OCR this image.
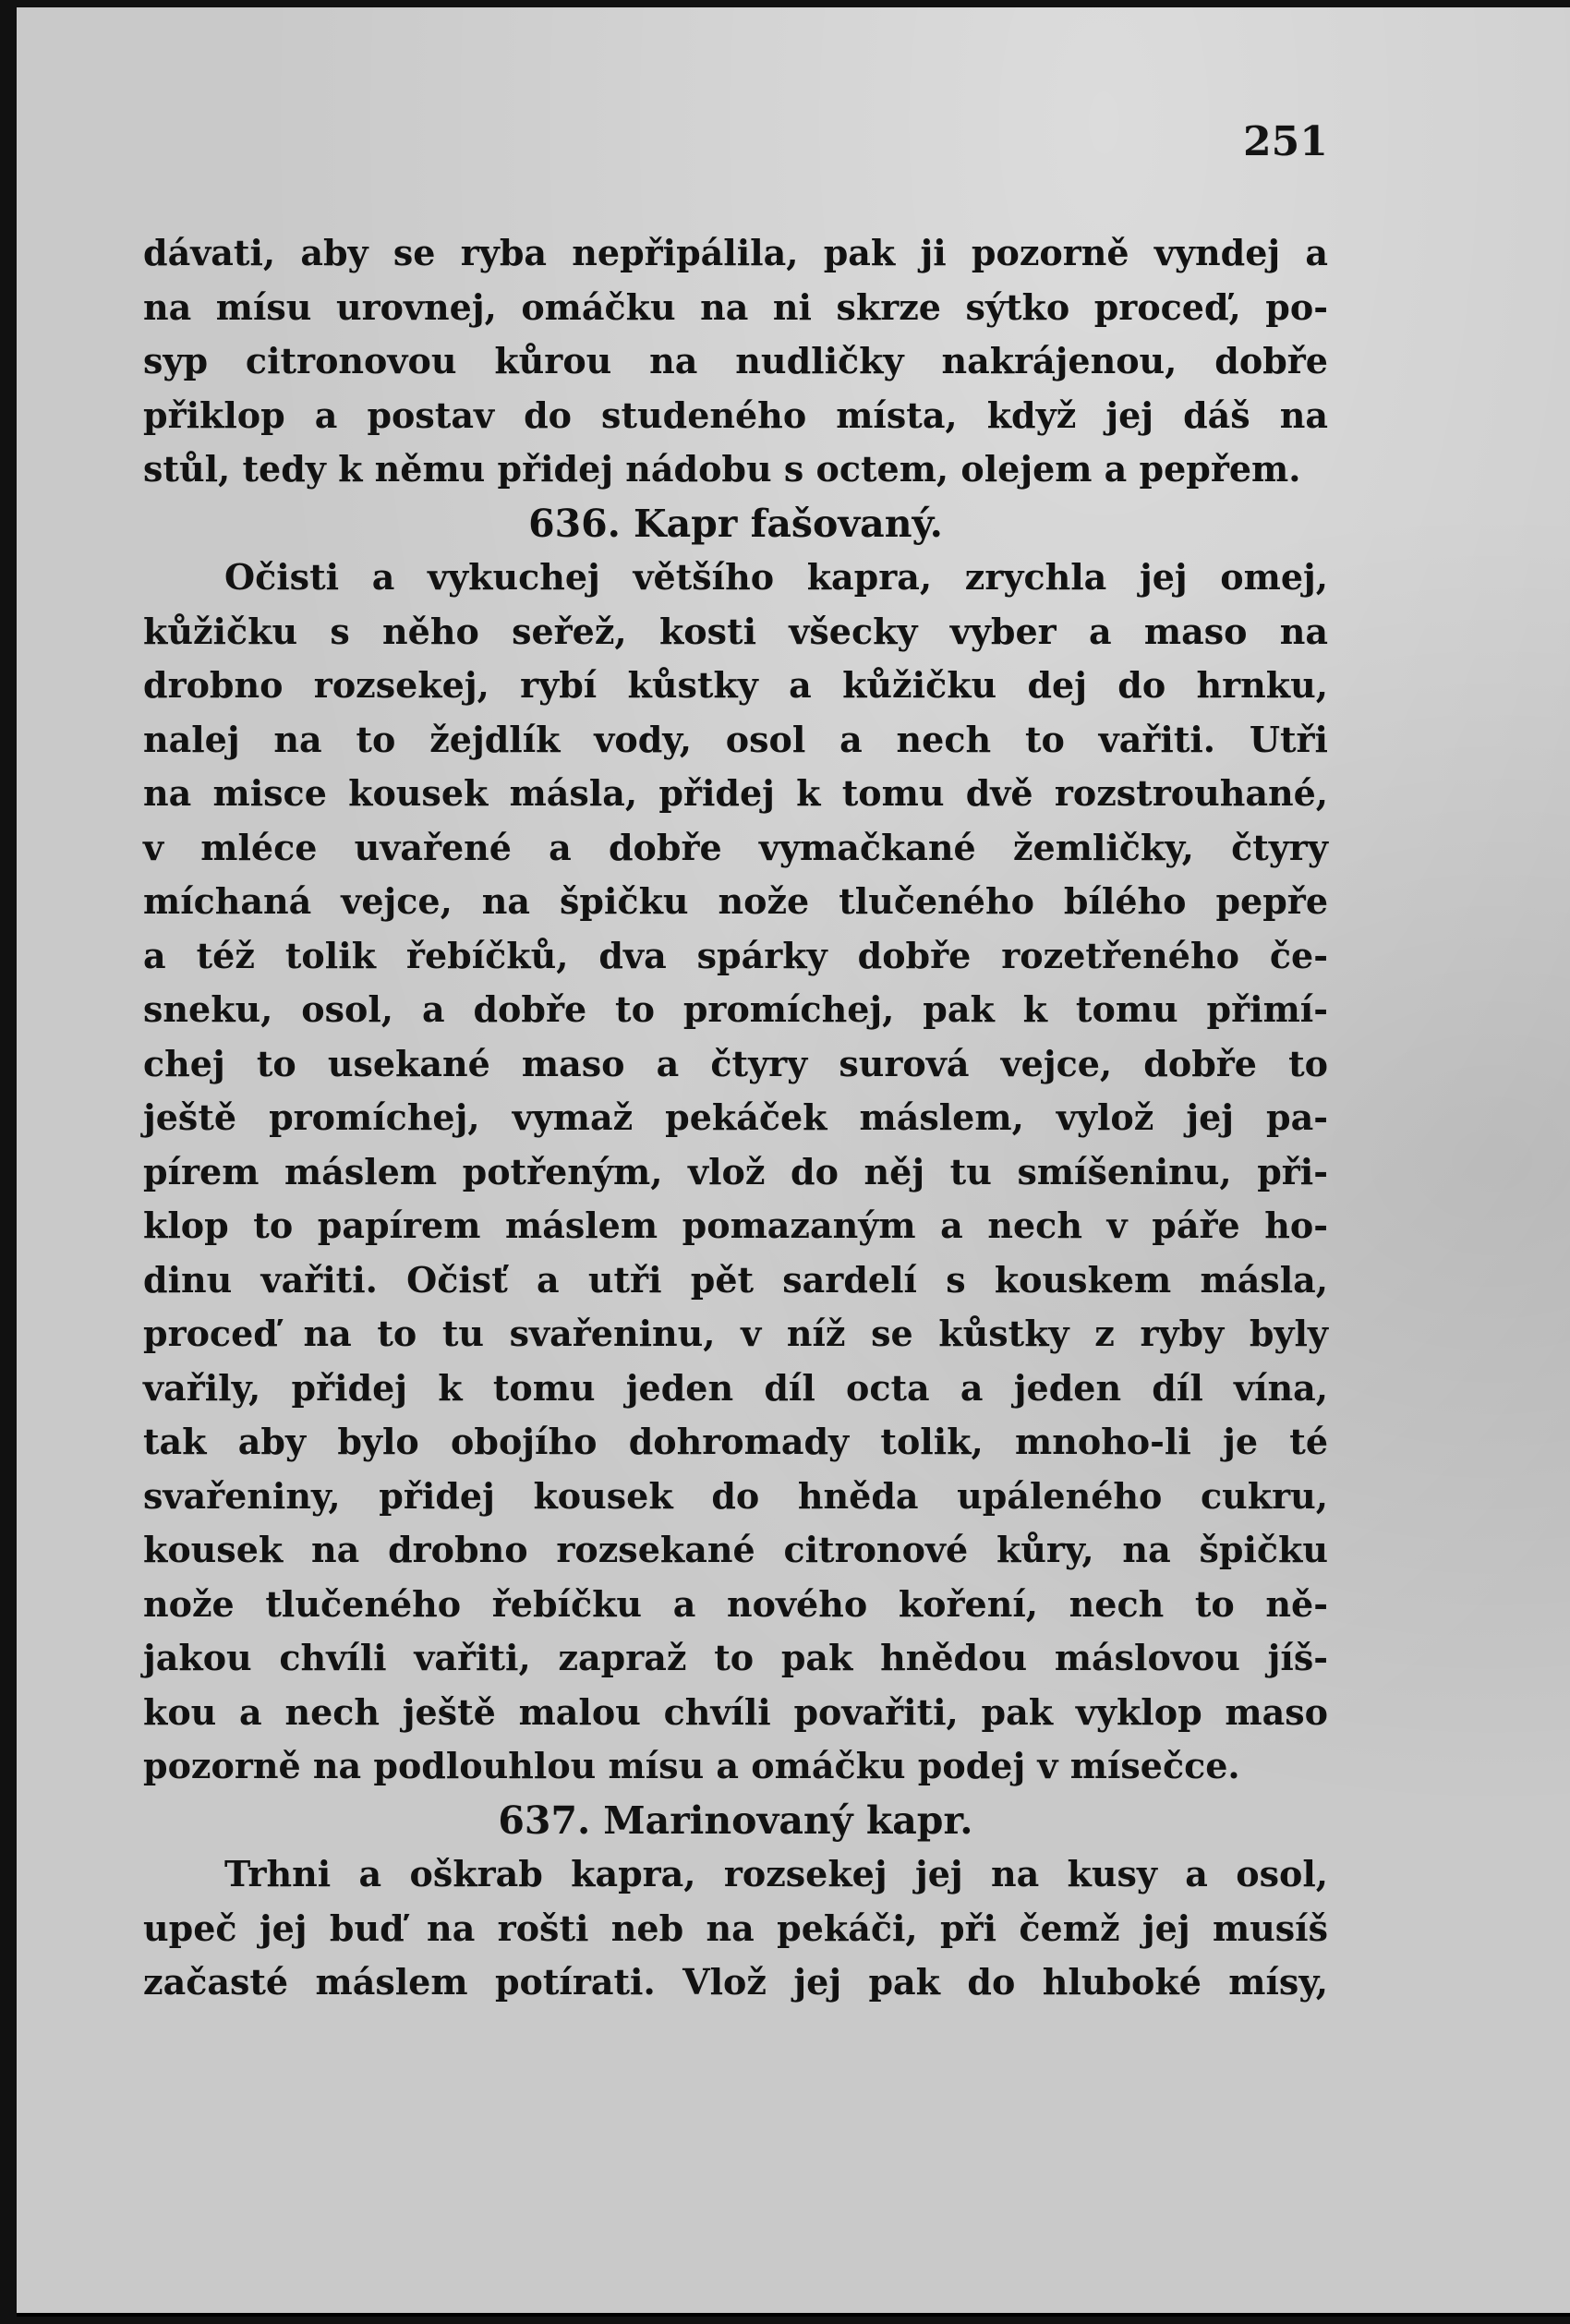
251
dávati, aby se ryba nepřipálila, pak ji pozorně vyndej a
na mísu urovnej, omáčku na ni skrze sýtko proceď, po-
syp citronovou kůrou na nudličky nakrájenou, dobře
přiklop a postav do studeného místa, když jej dáš na
stůl, tedy k němu přidej nádobu s octem, olejem a pepřem.
636. Kapr fašovaný.
Očisti a vykuchej většího kapra, zrychla jej omej,
kůžičku s něho seřež, kosti všecky vyber a maso na
drobno rozsekej, rybí kůstky a kůžičku dej do hrnku,
nalej na to žejdlík vody, osol a nech to vařiti. Utři
na misce kousek másla, přidej k tomu dvě rozstrouhané,
v mléce uvařené a dobře vymačkané žemličky, čtyry
míchaná vejce, na špičku nože tlučeného bílého pepře
a též tolik řebíčků, dva spárky dobře rozetřeného če-
sneku, osol, a dobře to promíchej, pak k tomu přimí-
chej to usekané maso a čtyry surová vejce, dobře to
ještě promíchej, vymaž pekáček máslem, vylož jej pa-
pírem máslem potřeným, vlož do něj tu smíšeninu, při-
klop to papírem máslem pomazaným a nech v páře ho-
dinu vařiti. Očisť a utři pět sardelí s kouskem másla,
proceď na to tu svařeninu, v níž se kůstky z ryby byly
vařily, přidej k tomu jeden díl octa a jeden díl vína,
tak aby bylo obojího dohromady tolik, mnoho-li je té
svařeniny, přidej kousek do hněda upáleného cukru,
kousek na drobno rozsekané citronové kůry, na špičku
nože tlučeného řebíčku a nového koření, nech to ně-
jakou chvíli vařiti, zapraž to pak hnědou máslovou jíš-
kou a nech ještě malou chvíli povařiti, pak vyklop maso
pozorně na podlouhlou mísu a omáčku podej v mísečce.
637. Marinovaný kapr.
Trhni a oškrab kapra, rozsekej jej na kusy a osol,
upeč jej buď na rošti neb na pekáči, při čemž jej musíš
začasté máslem potírati. Vlož jej pak do hluboké mísy,
